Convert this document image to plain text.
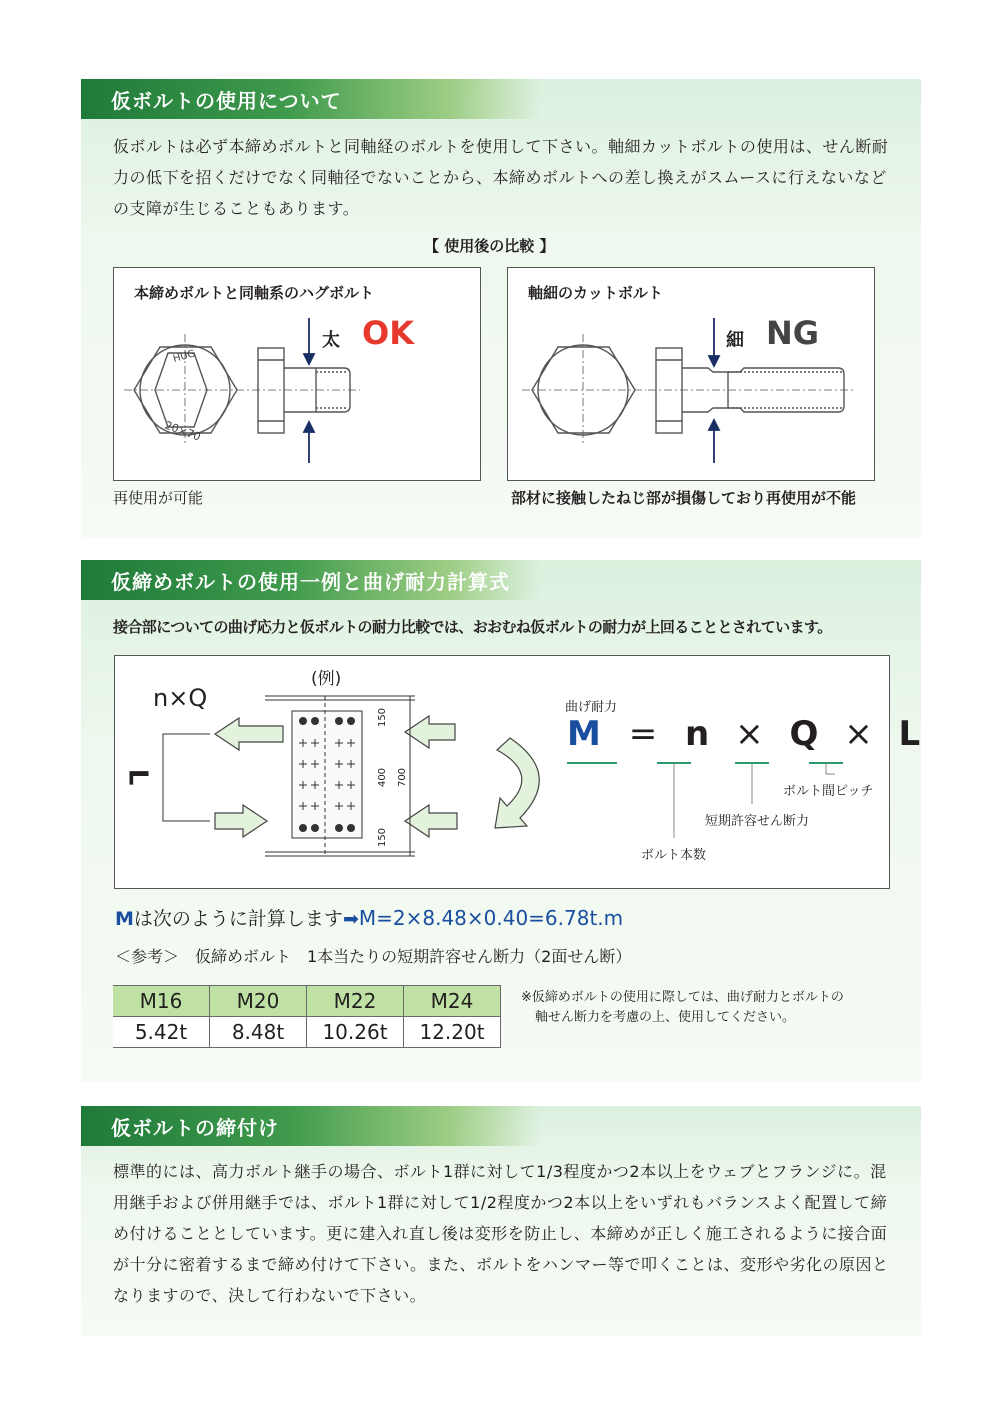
仮ボルトの使用について
仮ボルトは必ず本締めボルトと同軸経のボルトを使用して下さい。軸細カットボルトの使用は、せん断耐力の低下を招くだけでなく同軸径でないことから、本締めボルトへの差し換えがスムースに行えないなどの支障が生じることもあります。
【 使用後の比較 】
本締めボルトと同軸系のハグボルト
HUG
20×70
太 OK
再使用が可能
軸細のカットボルト
細 NG
部材に接触したねじ部が損傷しており再使用が不能
仮締めボルトの使用一例と曲げ耐力計算式
接合部についての曲げ応力と仮ボルトの耐力比較では、おおむね仮ボルトの耐力が上回ることとされています。
n×Q
L
(例)
150
400 700
150
曲げ耐力
M = n × Q × L
ボルト間ピッチ
短期許容せん断力
ボルト本数
Mは次のように計算します➡M=2×8.48×0.40=6.78t.m
＜参考＞　仮締めボルト　1本当たりの短期許容せん断力（2面せん断）
※仮締めボルトの使用に際しては、曲げ耐力とボルトの
軸せん断力を考慮の上、使用してください。
M16	M20	M22	M24
5.42t	8.48t	10.26t	12.20t
仮ボルトの締付け
標準的には、高力ボルト継手の場合、ボルト1群に対して1/3程度かつ2本以上をウェブとフランジに。混用継手および併用継手では、ボルト1群に対して1/2程度かつ2本以上をいずれもバランスよく配置して締め付けることとしています。更に建入れ直し後は変形を防止し、本締めが正しく施工されるように接合面が十分に密着するまで締め付けて下さい。また、ボルトをハンマー等で叩くことは、変形や劣化の原因となりますので、決して行わないで下さい。
